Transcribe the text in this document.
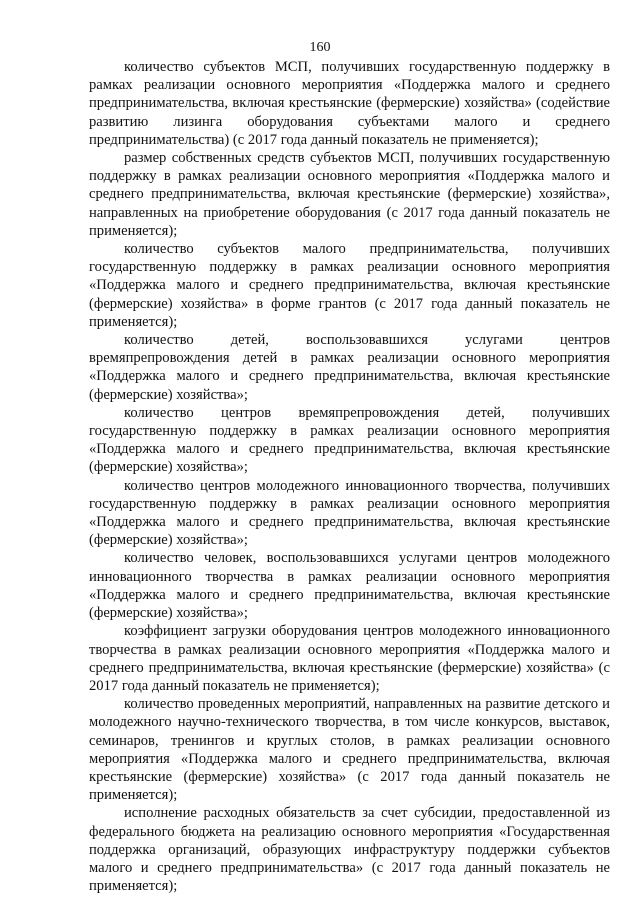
160

количество субъектов МСП, получивших государственную поддержку в рамках реализации основного мероприятия «Поддержка малого и среднего предпринимательства, включая крестьянские (фермерские) хозяйства» (содействие развитию лизинга оборудования субъектами малого и среднего предпринимательства) (с 2017 года данный показатель не применяется);

размер собственных средств субъектов МСП, получивших государственную поддержку в рамках реализации основного мероприятия «Поддержка малого и среднего предпринимательства, включая крестьянские (фермерские) хозяйства», направленных на приобретение оборудования (с 2017 года данный показатель не применяется);

количество субъектов малого предпринимательства, получивших государственную поддержку в рамках реализации основного мероприятия «Поддержка малого и среднего предпринимательства, включая крестьянские (фермерские) хозяйства» в форме грантов (с 2017 года данный показатель не применяется);

количество детей, воспользовавшихся услугами центров времяпрепровождения детей в рамках реализации основного мероприятия «Поддержка малого и среднего предпринимательства, включая крестьянские (фермерские) хозяйства»;

количество центров времяпрепровождения детей, получивших государственную поддержку в рамках реализации основного мероприятия «Поддержка малого и среднего предпринимательства, включая крестьянские (фермерские) хозяйства»;

количество центров молодежного инновационного творчества, получивших государственную поддержку в рамках реализации основного мероприятия «Поддержка малого и среднего предпринимательства, включая крестьянские (фермерские) хозяйства»;

количество человек, воспользовавшихся услугами центров молодежного инновационного творчества в рамках реализации основного мероприятия «Поддержка малого и среднего предпринимательства, включая крестьянские (фермерские) хозяйства»;

коэффициент загрузки оборудования центров молодежного инновационного творчества в рамках реализации основного мероприятия «Поддержка малого и среднего предпринимательства, включая крестьянские (фермерские) хозяйства» (с 2017 года данный показатель не применяется);

количество проведенных мероприятий, направленных на развитие детского и молодежного научно-технического творчества, в том числе конкурсов, выставок, семинаров, тренингов и круглых столов, в рамках реализации основного мероприятия «Поддержка малого и среднего предпринимательства, включая крестьянские (фермерские) хозяйства» (с 2017 года данный показатель не применяется);

исполнение расходных обязательств за счет субсидии, предоставленной из федерального бюджета на реализацию основного мероприятия «Государственная поддержка организаций, образующих инфраструктуру поддержки субъектов малого и среднего предпринимательства» (с 2017 года данный показатель не применяется);
